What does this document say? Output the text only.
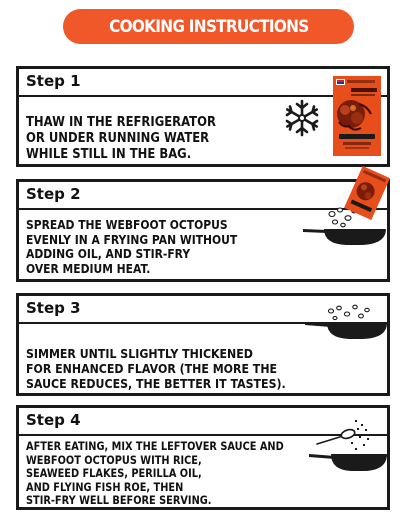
COOKING INSTRUCTIONS
Step 1
THAW IN THE REFRIGERATOR
OR UNDER RUNNING WATER
WHILE STILL IN THE BAG.
Step 2
SPREAD THE WEBFOOT OCTOPUS
EVENLY IN A FRYING PAN WITHOUT
ADDING OIL, AND STIR-FRY
OVER MEDIUM HEAT.
Step 3
SIMMER UNTIL SLIGHTLY THICKENED
FOR ENHANCED FLAVOR (THE MORE THE
SAUCE REDUCES, THE BETTER IT TASTES).
Step 4
AFTER EATING, MIX THE LEFTOVER SAUCE AND
WEBFOOT OCTOPUS WITH RICE,
SEAWEED FLAKES, PERILLA OIL,
AND FLYING FISH ROE, THEN
STIR-FRY WELL BEFORE SERVING.
